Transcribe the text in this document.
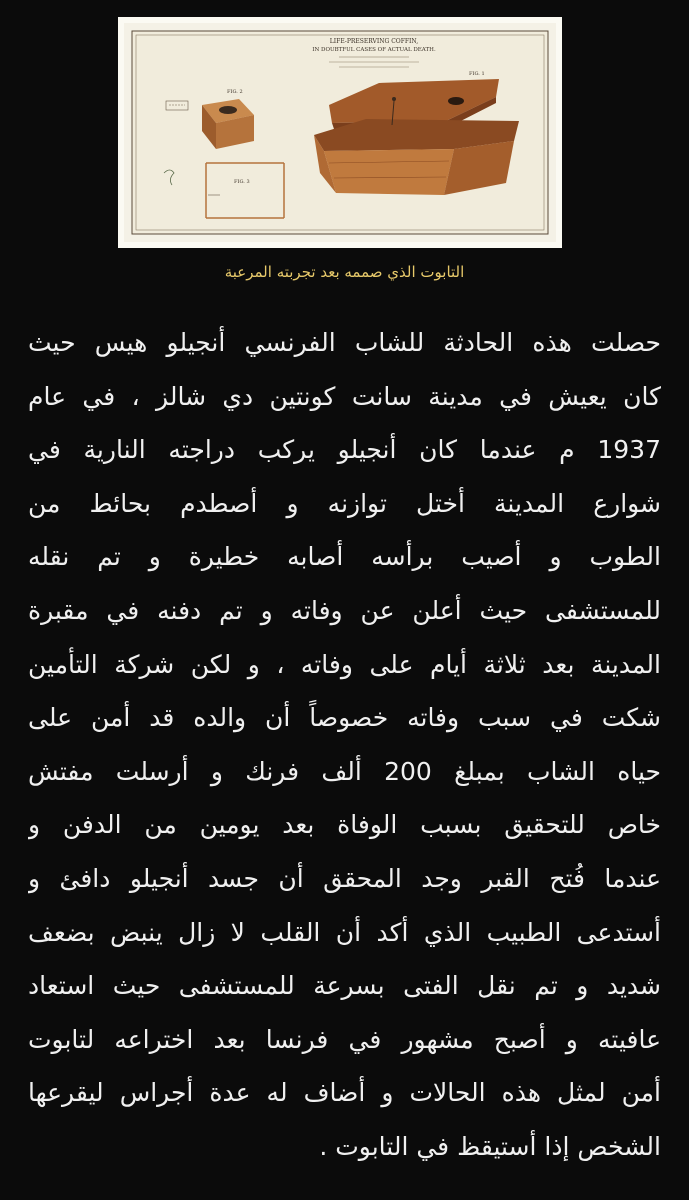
LIFE-PRESERVING COFFIN,
IN DOUBTFUL CASES OF ACTUAL DEATH.
FIG. 2
FIG. 3
FIG. 1
التابوت الذي صممه بعد تجربته المرعبة
حصلت هذه الحادثة للشاب الفرنسي أنجيلو هيس حيث
كان يعيش في مدينة سانت كونتين دي شالز ، في عام
1937 م عندما كان أنجيلو يركب دراجته النارية في
شوارع المدينة أختل توازنه و أصطدم بحائط من
الطوب و أصيب برأسه أصابه خطيرة و تم نقله
للمستشفى حيث أعلن عن وفاته و تم دفنه في مقبرة
المدينة بعد ثلاثة أيام على وفاته ، و لكن شركة التأمين
شكت في سبب وفاته خصوصاً أن والده قد أمن على
حياه الشاب بمبلغ 200 ألف فرنك و أرسلت مفتش
خاص للتحقيق بسبب الوفاة بعد يومين من الدفن و
عندما فُتح القبر وجد المحقق أن جسد أنجيلو دافئ و
أستدعى الطبيب الذي أكد أن القلب لا زال ينبض بضعف
شديد و تم نقل الفتى بسرعة للمستشفى حيث استعاد
عافيته و أصبح مشهور في فرنسا بعد اختراعه لتابوت
أمن لمثل هذه الحالات و أضاف له عدة أجراس ليقرعها
الشخص إذا أستيقظ في التابوت .
